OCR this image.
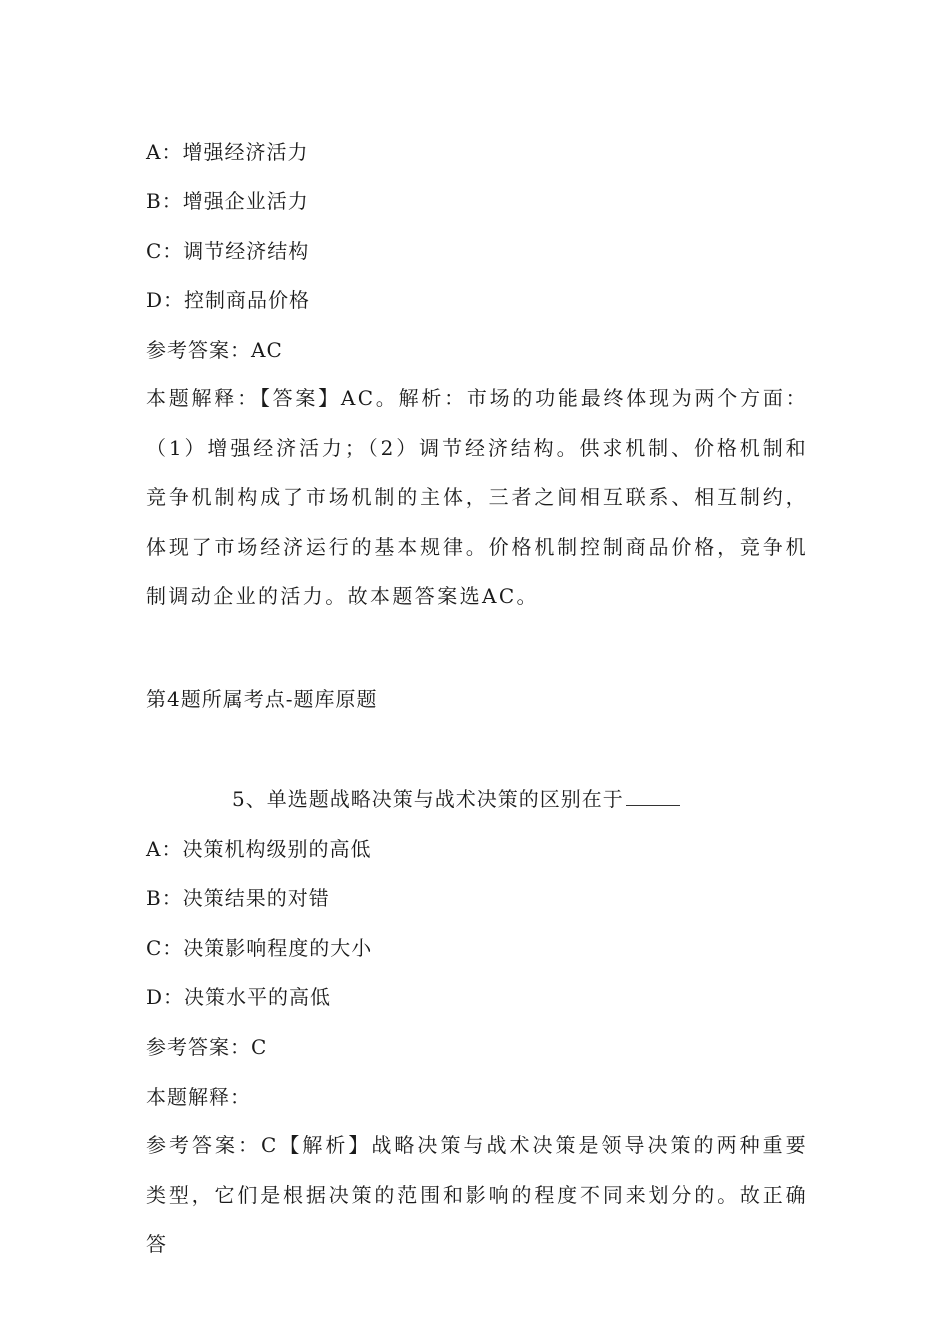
A：增强经济活力
B：增强企业活力
C：调节经济结构
D：控制商品价格
参考答案：AC
本题解释：【答案】AC。解析：市场的功能最终体现为两个方面：（1）增强经济活力；（2）调节经济结构。供求机制、价格机制和竞争机制构成了市场机制的主体，三者之间相互联系、相互制约，体现了市场经济运行的基本规律。价格机制控制商品价格，竞争机制调动企业的活力。故本题答案选AC。
第4题所属考点-题库原题
5、单选题战略决策与战术决策的区别在于
A：决策机构级别的高低
B：决策结果的对错
C：决策影响程度的大小
D：决策水平的高低
参考答案：C
本题解释：
参考答案：C【解析】战略决策与战术决策是领导决策的两种重要类型，它们是根据决策的范围和影响的程度不同来划分的。故正确答
